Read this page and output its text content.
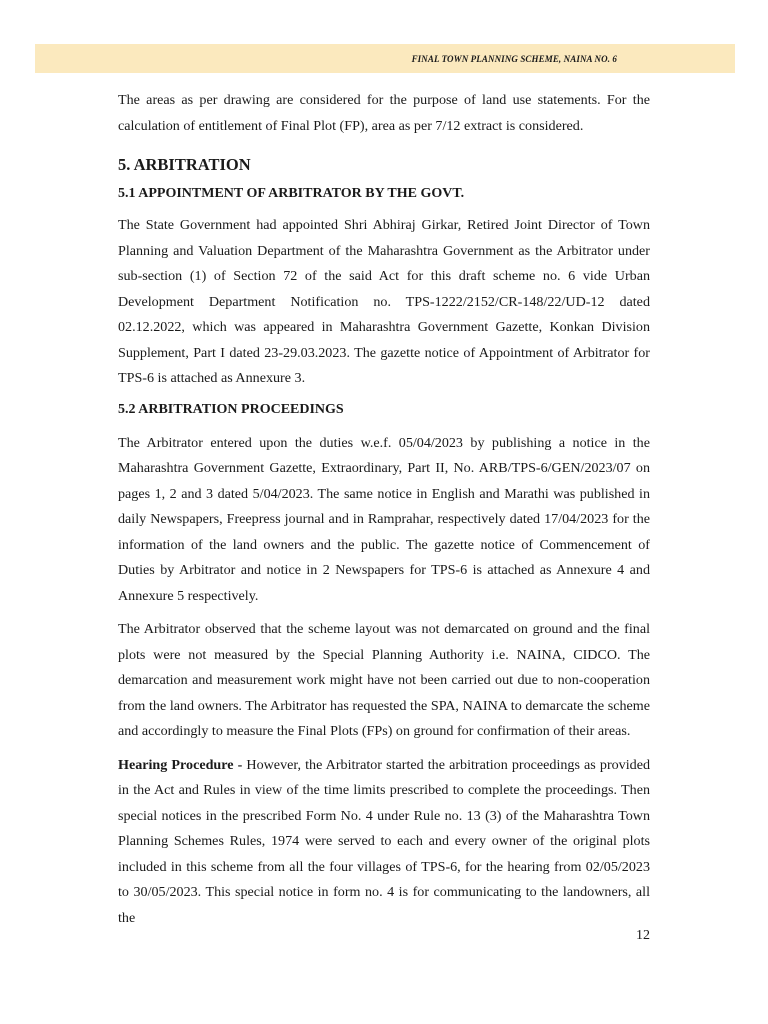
FINAL TOWN PLANNING SCHEME, NAINA NO. 6

The areas as per drawing are considered for the purpose of land use statements. For the calculation of entitlement of Final Plot (FP), area as per 7/12 extract is considered.

5. ARBITRATION
5.1 APPOINTMENT OF ARBITRATOR BY THE GOVT.

The State Government had appointed Shri Abhiraj Girkar, Retired Joint Director of Town Planning and Valuation Department of the Maharashtra Government as the Arbitrator under sub-section (1) of Section 72 of the said Act for this draft scheme no. 6 vide Urban Development Department Notification no. TPS-1222/2152/CR-148/22/UD-12 dated 02.12.2022, which was appeared in Maharashtra Government Gazette, Konkan Division Supplement, Part I dated 23-29.03.2023. The gazette notice of Appointment of Arbitrator for TPS-6 is attached as Annexure 3.

5.2 ARBITRATION PROCEEDINGS

The Arbitrator entered upon the duties w.e.f. 05/04/2023 by publishing a notice in the Maharashtra Government Gazette, Extraordinary, Part II, No. ARB/TPS-6/GEN/2023/07 on pages 1, 2 and 3 dated 5/04/2023. The same notice in English and Marathi was published in daily Newspapers, Freepress journal and in Ramprahar, respectively dated 17/04/2023 for the information of the land owners and the public. The gazette notice of Commencement of Duties by Arbitrator and notice in 2 Newspapers for TPS-6 is attached as Annexure 4 and Annexure 5 respectively.

The Arbitrator observed that the scheme layout was not demarcated on ground and the final plots were not measured by the Special Planning Authority i.e. NAINA, CIDCO. The demarcation and measurement work might have not been carried out due to non-cooperation from the land owners. The Arbitrator has requested the SPA, NAINA to demarcate the scheme and accordingly to measure the Final Plots (FPs) on ground for confirmation of their areas.

Hearing Procedure - However, the Arbitrator started the arbitration proceedings as provided in the Act and Rules in view of the time limits prescribed to complete the proceedings. Then special notices in the prescribed Form No. 4 under Rule no. 13 (3) of the Maharashtra Town Planning Schemes Rules, 1974 were served to each and every owner of the original plots included in this scheme from all the four villages of TPS-6, for the hearing from 02/05/2023 to 30/05/2023. This special notice in form no. 4 is for communicating to the landowners, all the

12
